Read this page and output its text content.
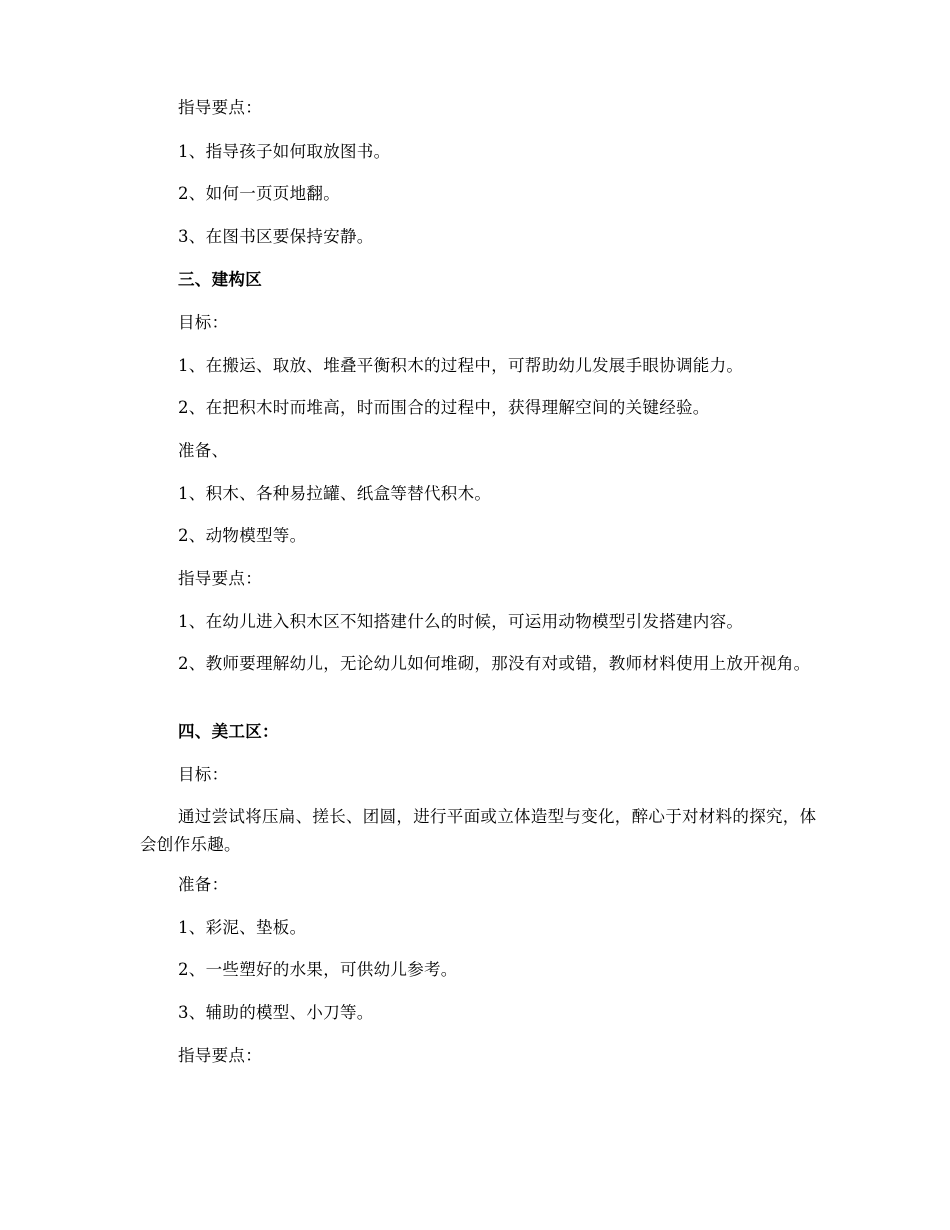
指导要点：

1、指导孩子如何取放图书。

2、如何一页页地翻。

3、在图书区要保持安静。

三、建构区

目标：

1、在搬运、取放、堆叠平衡积木的过程中，可帮助幼儿发展手眼协调能力。

2、在把积木时而堆高，时而围合的过程中，获得理解空间的关键经验。

准备、

1、积木、各种易拉罐、纸盒等替代积木。

2、动物模型等。

指导要点：

1、在幼儿进入积木区不知搭建什么的时候，可运用动物模型引发搭建内容。

2、教师要理解幼儿，无论幼儿如何堆砌，那没有对或错，教师材料使用上放开视角。

四、美工区：

目标：

通过尝试将压扁、搓长、团圆，进行平面或立体造型与变化，醉心于对材料的探究，体会创作乐趣。

准备：

1、彩泥、垫板。

2、一些塑好的水果，可供幼儿参考。

3、辅助的模型、小刀等。

指导要点：
